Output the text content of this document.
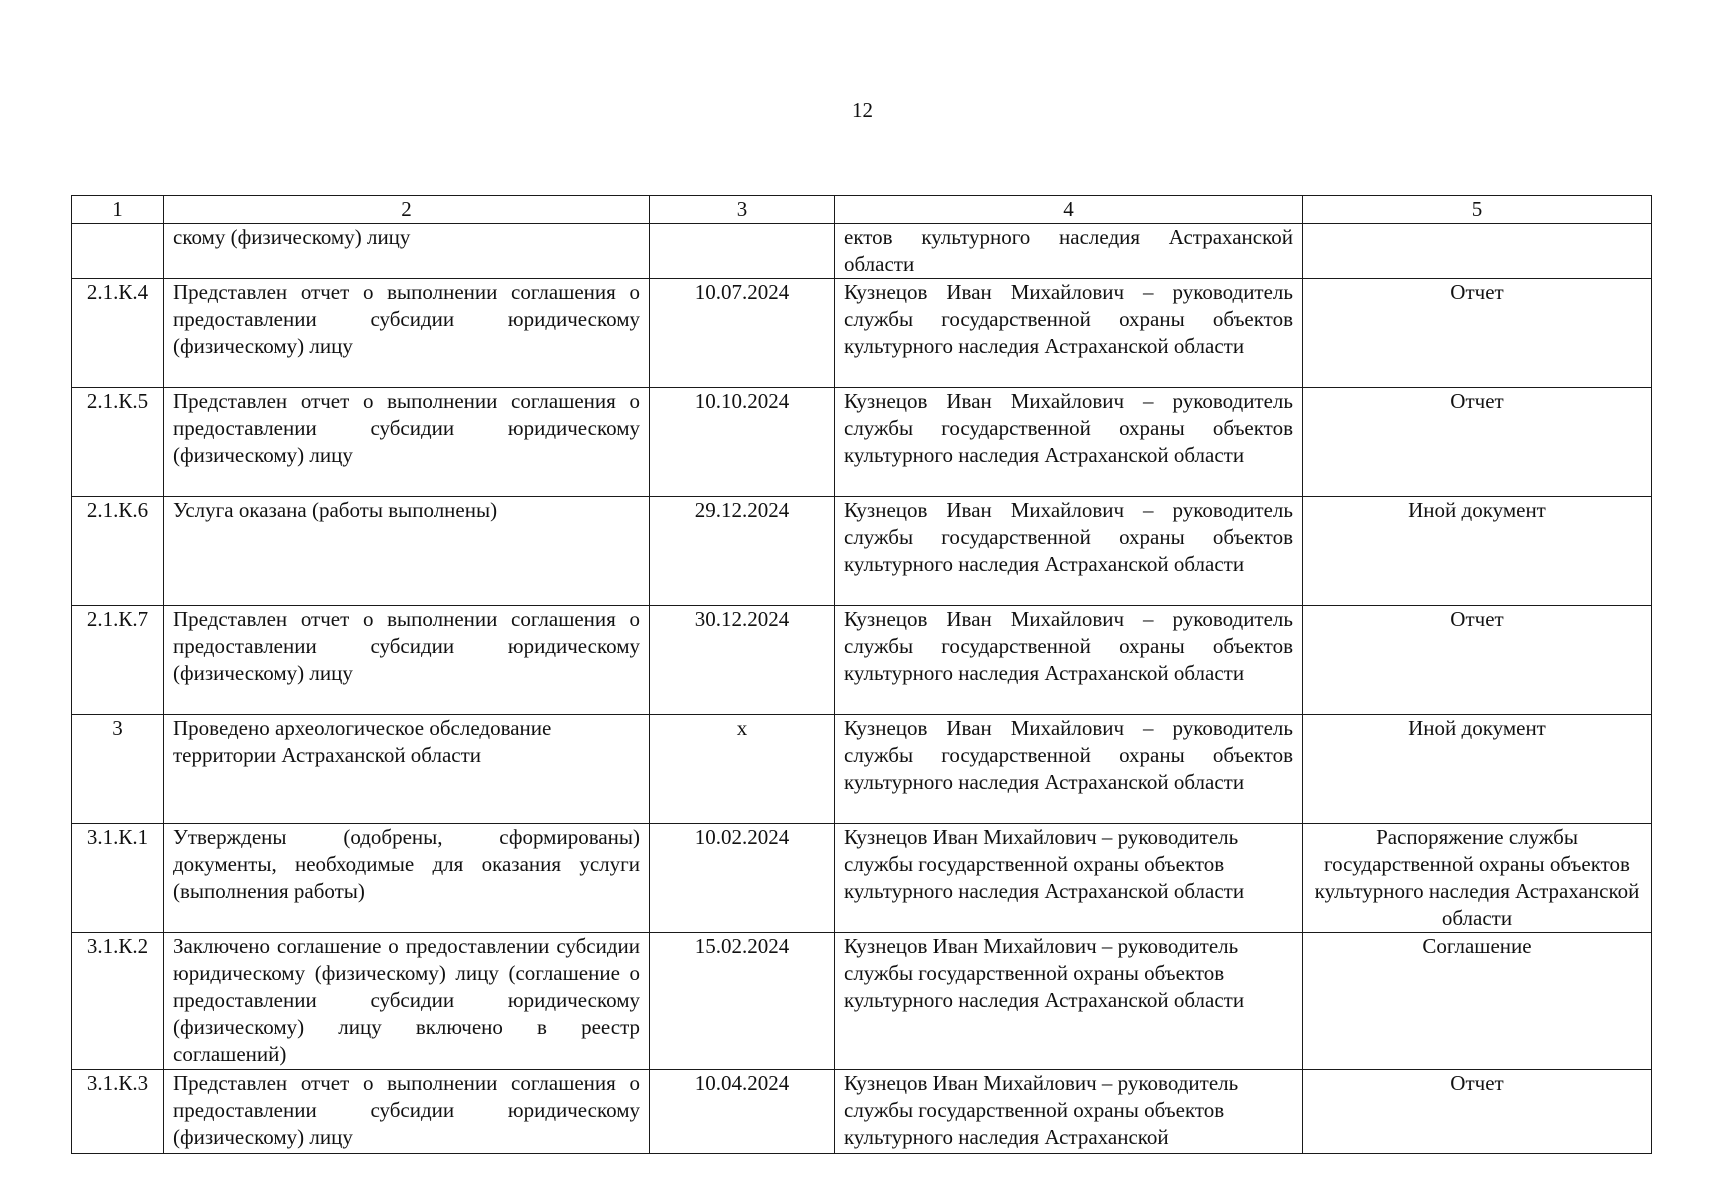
12
1	2	3	4	5
	скому (физическому) лицу		ектов культурного наследия Астраханской области	
2.1.К.4	Представлен отчет о выполнении соглашения о предоставлении субсидии юридическому (физическому) лицу	10.07.2024	Кузнецов Иван Михайлович – руководитель службы государственной охраны объектов культурного наследия Астраханской области	Отчет
2.1.К.5	Представлен отчет о выполнении соглашения о предоставлении субсидии юридическому (физическому) лицу	10.10.2024	Кузнецов Иван Михайлович – руководитель службы государственной охраны объектов культурного наследия Астраханской области	Отчет
2.1.К.6	Услуга оказана (работы выполнены)	29.12.2024	Кузнецов Иван Михайлович – руководитель службы государственной охраны объектов культурного наследия Астраханской области	Иной документ
2.1.К.7	Представлен отчет о выполнении соглашения о предоставлении субсидии юридическому (физическому) лицу	30.12.2024	Кузнецов Иван Михайлович – руководитель службы государственной охраны объектов культурного наследия Астраханской области	Отчет
3	Проведено археологическое обследование территории Астраханской области	x	Кузнецов Иван Михайлович – руководитель службы государственной охраны объектов культурного наследия Астраханской области	Иной документ
3.1.К.1	Утверждены (одобрены, сформированы) документы, необходимые для оказания услуги (выполнения работы)	10.02.2024	Кузнецов Иван Михайлович – руководитель службы государственной охраны объектов культурного наследия Астраханской области	Распоряжение службы государственной охраны объектов культурного наследия Астраханской области
3.1.К.2	Заключено соглашение о предоставлении субсидии юридическому (физическому) лицу (соглашение о предоставлении субсидии юридическому (физическому) лицу включено в реестр соглашений)	15.02.2024	Кузнецов Иван Михайлович – руководитель службы государственной охраны объектов культурного наследия Астраханской области	Соглашение
3.1.К.3	Представлен отчет о выполнении соглашения о предоставлении субсидии юридическому (физическому) лицу	10.04.2024	Кузнецов Иван Михайлович – руководитель службы государственной охраны объектов культурного наследия Астраханской	Отчет
